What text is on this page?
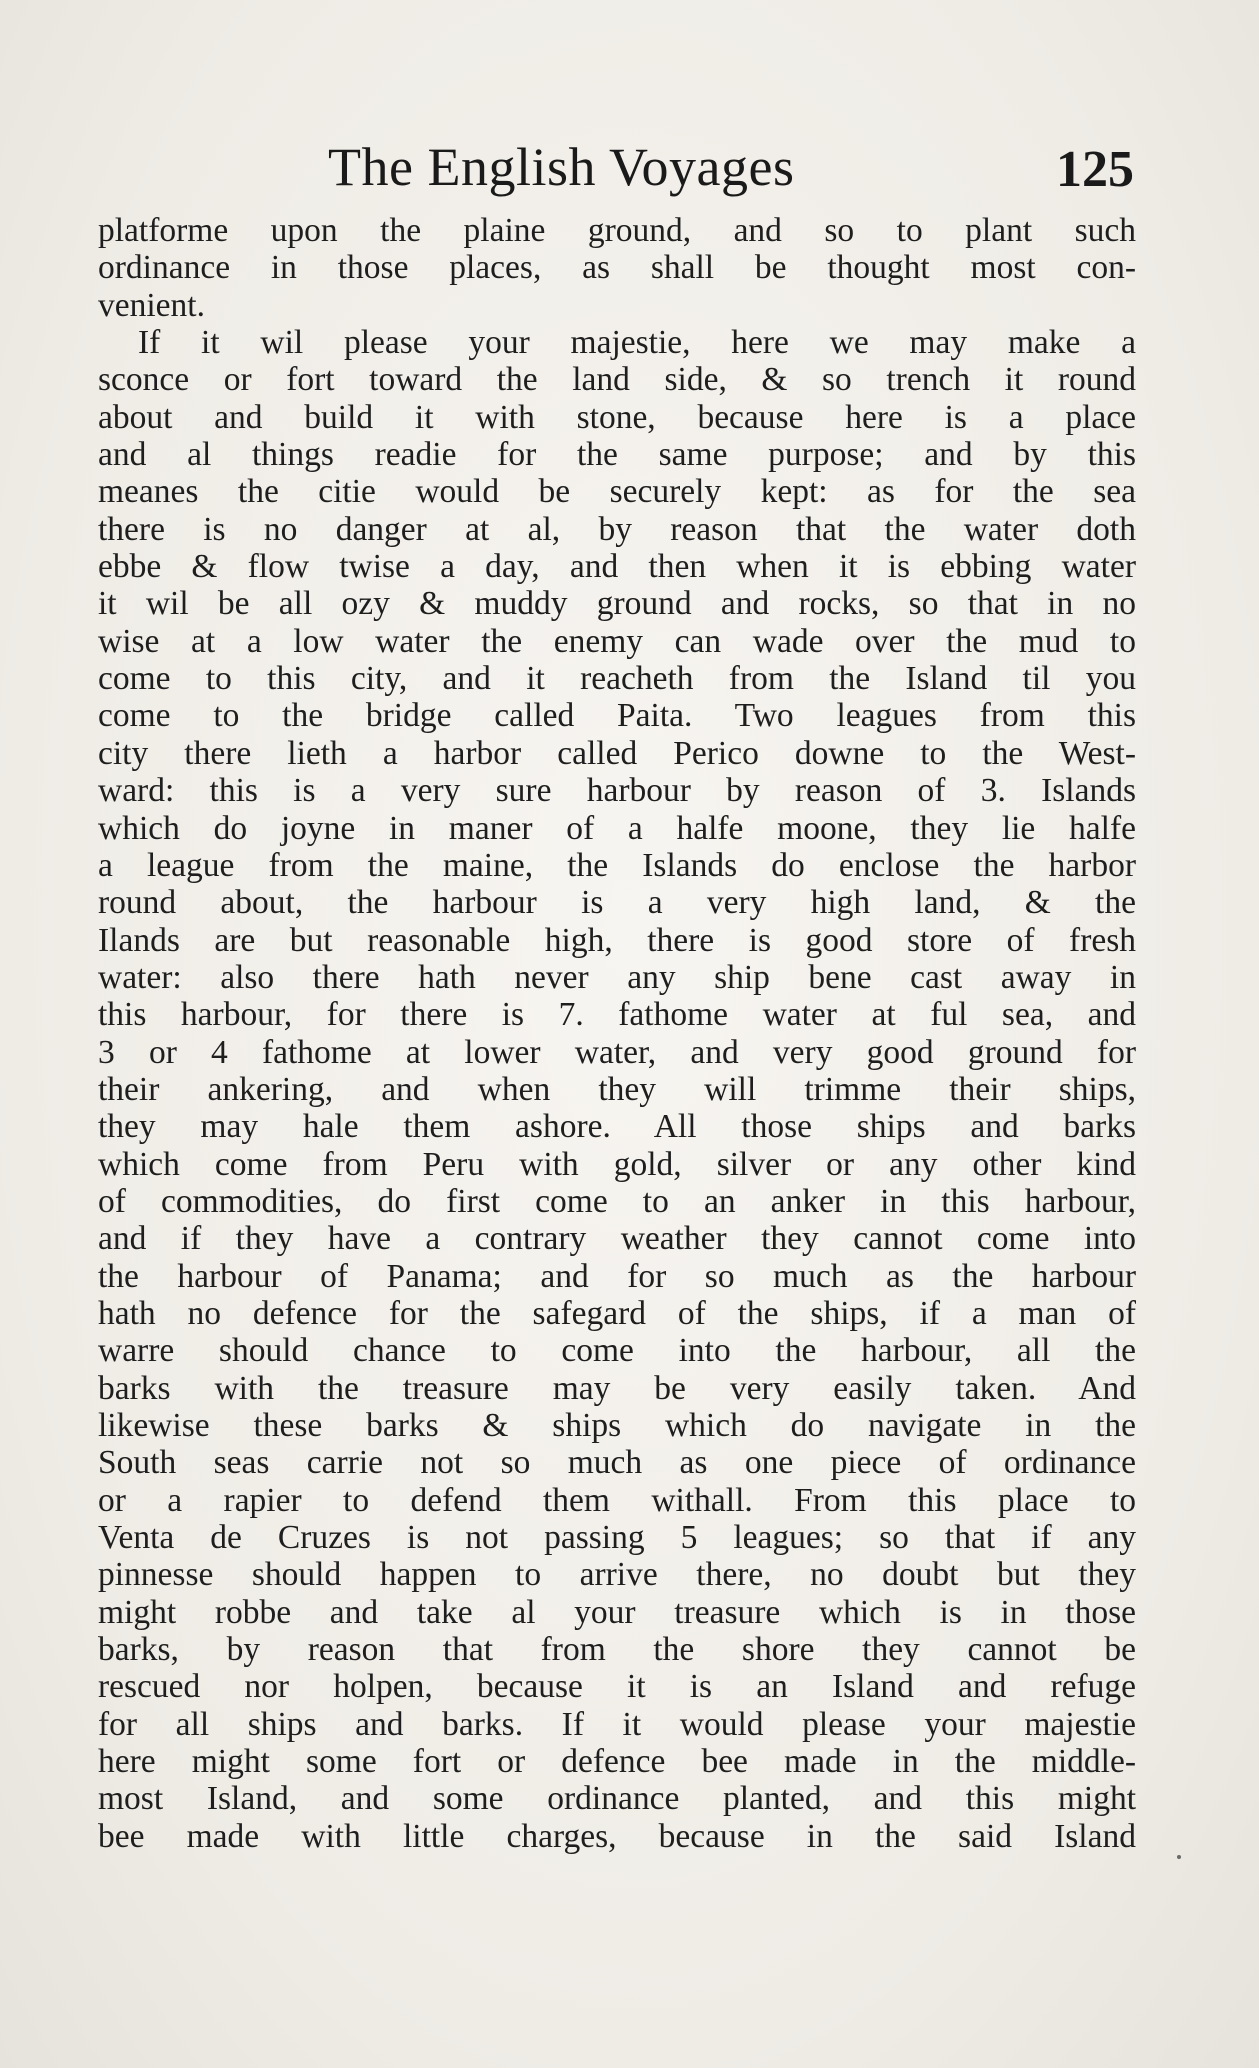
The English Voyages	125
platforme upon the plaine ground, and so to plant such
ordinance in those places, as shall be thought most con-
venient.
If it wil please your majestie, here we may make a
sconce or fort toward the land side, & so trench it round
about and build it with stone, because here is a place
and al things readie for the same purpose; and by this
meanes the citie would be securely kept: as for the sea
there is no danger at al, by reason that the water doth
ebbe & flow twise a day, and then when it is ebbing water
it wil be all ozy & muddy ground and rocks, so that in no
wise at a low water the enemy can wade over the mud to
come to this city, and it reacheth from the Island til you
come to the bridge called Paita. Two leagues from this
city there lieth a harbor called Perico downe to the West-
ward: this is a very sure harbour by reason of 3. Islands
which do joyne in maner of a halfe moone, they lie halfe
a league from the maine, the Islands do enclose the harbor
round about, the harbour is a very high land, & the
Ilands are but reasonable high, there is good store of fresh
water: also there hath never any ship bene cast away in
this harbour, for there is 7. fathome water at ful sea, and
3 or 4 fathome at lower water, and very good ground for
their ankering, and when they will trimme their ships,
they may hale them ashore. All those ships and barks
which come from Peru with gold, silver or any other kind
of commodities, do first come to an anker in this harbour,
and if they have a contrary weather they cannot come into
the harbour of Panama; and for so much as the harbour
hath no defence for the safegard of the ships, if a man of
warre should chance to come into the harbour, all the
barks with the treasure may be very easily taken. And
likewise these barks & ships which do navigate in the
South seas carrie not so much as one piece of ordinance
or a rapier to defend them withall. From this place to
Venta de Cruzes is not passing 5 leagues; so that if any
pinnesse should happen to arrive there, no doubt but they
might robbe and take al your treasure which is in those
barks, by reason that from the shore they cannot be
rescued nor holpen, because it is an Island and refuge
for all ships and barks. If it would please your majestie
here might some fort or defence bee made in the middle-
most Island, and some ordinance planted, and this might
bee made with little charges, because in the said Island
